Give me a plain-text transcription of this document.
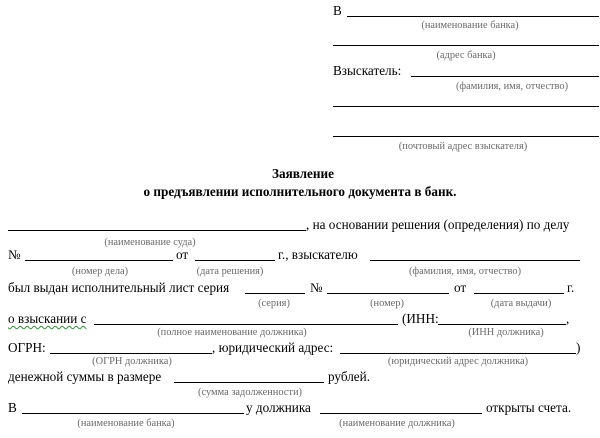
В
(наименование банка)
(адрес банка)
Взыскатель:
(фамилия, имя, отчество)
(почтовый адрес взыскателя)
Заявление
о предъявлении исполнительного документа в банк.
, на основании решения (определения) по делу
(наименование суда)
№	от	г., взыскателю
(номер дела)	(дата решения)	(фамилия, имя, отчество)
был выдан исполнительный лист серия	№	от	г.
(серия)	(номер)	(дата выдачи)
о взыскании с	(ИНН:	,
(полное наименование должника)	(ИНН должника)
ОГРН:	, юридический адрес:	)
(ОГРН должника)	(юридический адрес должника)
денежной суммы в размере	рублей.
(сумма задолженности)
В	у должника	открыты счета.
(наименование банка)	(наименование должника)
